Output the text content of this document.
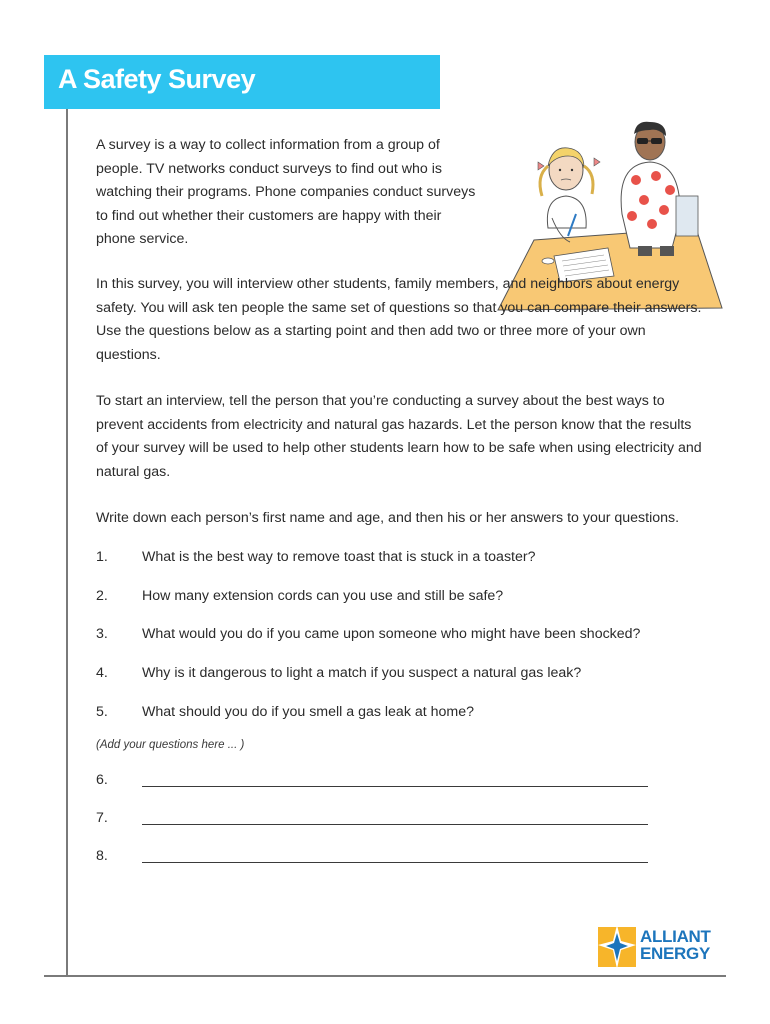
A Safety Survey
A survey is a way to collect information from a group of people. TV networks conduct surveys to find out who is watching their programs. Phone companies conduct surveys to find out whether their customers are happy with their phone service.
In this survey, you will interview other students, family members, and neighbors about energy safety. You will ask ten people the same set of questions so that you can compare their answers. Use the questions below as a starting point and then add two or three more of your own questions.
To start an interview, tell the person that you’re conducting a survey about the best ways to prevent accidents from electricity and natural gas hazards. Let the person know that the results of your survey will be used to help other students learn how to be safe when using electricity and natural gas.
Write down each person’s first name and age, and then his or her answers to your questions.
1. What is the best way to remove toast that is stuck in a toaster?
2. How many extension cords can you use and still be safe?
3. What would you do if you came upon someone who might have been shocked?
4. Why is it dangerous to light a match if you suspect a natural gas leak?
5. What should you do if you smell a gas leak at home?
(Add your questions here ... )
6.
7.
8.
ALLIANT
ENERGY
